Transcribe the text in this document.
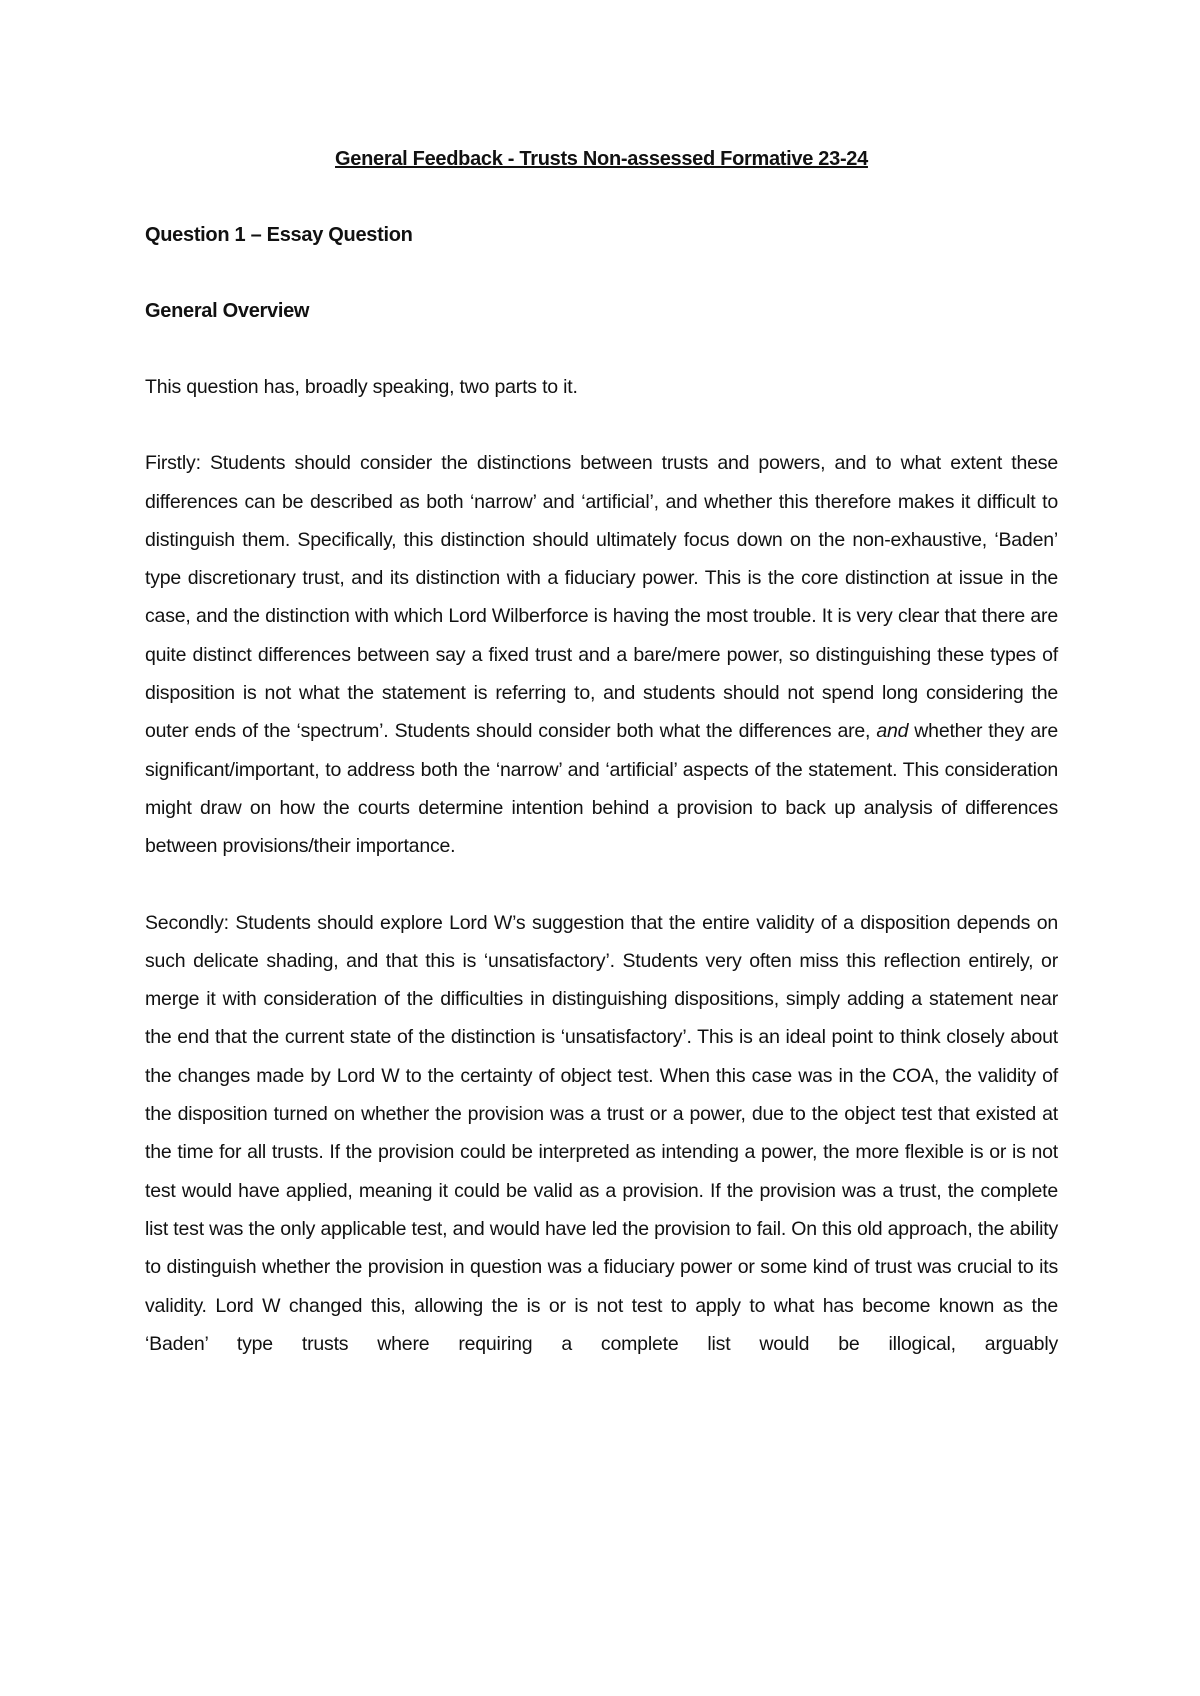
General Feedback - Trusts Non-assessed Formative 23-24

Question 1 – Essay Question

General Overview

This question has, broadly speaking, two parts to it.

Firstly: Students should consider the distinctions between trusts and powers, and to what extent these differences can be described as both ‘narrow’ and ‘artificial’, and whether this therefore makes it difficult to distinguish them. Specifically, this distinction should ultimately focus down on the non-exhaustive, ‘Baden’ type discretionary trust, and its distinction with a fiduciary power. This is the core distinction at issue in the case, and the distinction with which Lord Wilberforce is having the most trouble. It is very clear that there are quite distinct differences between say a fixed trust and a bare/mere power, so distinguishing these types of disposition is not what the statement is referring to, and students should not spend long considering the outer ends of the ‘spectrum’. Students should consider both what the differences are, and whether they are significant/important, to address both the ‘narrow’ and ‘artificial’ aspects of the statement. This consideration might draw on how the courts determine intention behind a provision to back up analysis of differences between provisions/their importance.

Secondly: Students should explore Lord W’s suggestion that the entire validity of a disposition depends on such delicate shading, and that this is ‘unsatisfactory’. Students very often miss this reflection entirely, or merge it with consideration of the difficulties in distinguishing dispositions, simply adding a statement near the end that the current state of the distinction is ‘unsatisfactory’. This is an ideal point to think closely about the changes made by Lord W to the certainty of object test. When this case was in the COA, the validity of the disposition turned on whether the provision was a trust or a power, due to the object test that existed at the time for all trusts. If the provision could be interpreted as intending a power, the more flexible is or is not test would have applied, meaning it could be valid as a provision. If the provision was a trust, the complete list test was the only applicable test, and would have led the provision to fail. On this old approach, the ability to distinguish whether the provision in question was a fiduciary power or some kind of trust was crucial to its validity. Lord W changed this, allowing the is or is not test to apply to what has become known as the ‘Baden’ type trusts where requiring a complete list would be illogical, arguably
